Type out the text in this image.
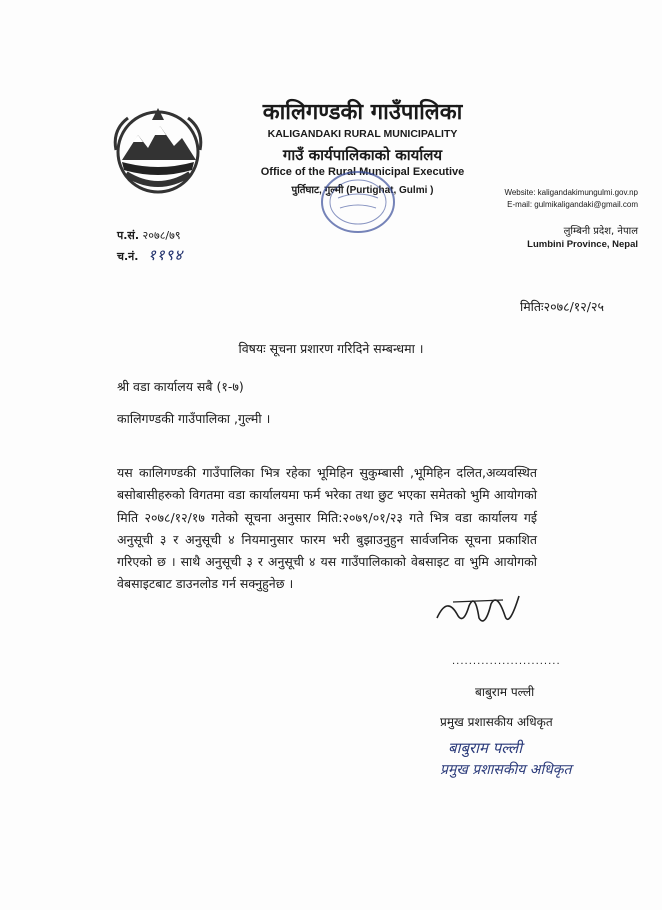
कालिगण्डकी गाउँपालिका
KALIGANDAKI RURAL MUNICIPALITY
गाउँ कार्यपालिकाको कार्यालय
Office of the Rural Municipal Executive
पुर्तिघाट, गुल्मी (Purtighat, Gulmi )	Website: kaligandakimungulmi.gov.np
E-mail: gulmikaligandaki@gmail.com
लुम्बिनी प्रदेश, नेपाल
Lumbini Province, Nepal
प.सं. २०७८/७९
च.नं. ११९४
मितिः२०७८/१२/२५
विषयः सूचना प्रशारण गरिदिने सम्बन्धमा ।
श्री वडा कार्यालय सबै (१-७)
कालिगण्डकी गाउँपालिका ,गुल्मी ।
यस कालिगण्डकी गाउँपालिका भित्र रहेका भूमिहिन सुकुम्बासी ,भूमिहिन दलित,अव्यवस्थित बसोबासीहरुको विगतमा वडा कार्यालयमा फर्म भरेका तथा छुट भएका समेतको भुमि आयोगको मिति २०७८/१२/१७ गतेको सूचना अनुसार मिति:२०७९/०१/२३ गते भित्र वडा कार्यालय गई अनुसूची ३ र अनुसूची ४ नियमानुसार फारम भरी बुझाउनुहुन सार्वजनिक सूचना प्रकाशित गरिएको छ । साथै अनुसूची ३ र अनुसूची ४ यस गाउँपालिकाको वेबसाइट वा भुमि आयोगको वेबसाइटबाट डाउनलोड गर्न सक्नुहुनेछ ।
..........................
बाबुराम पल्ली
प्रमुख प्रशासकीय अधिकृत
बाबुराम पल्ली
प्रमुख प्रशासकीय अधिकृत
